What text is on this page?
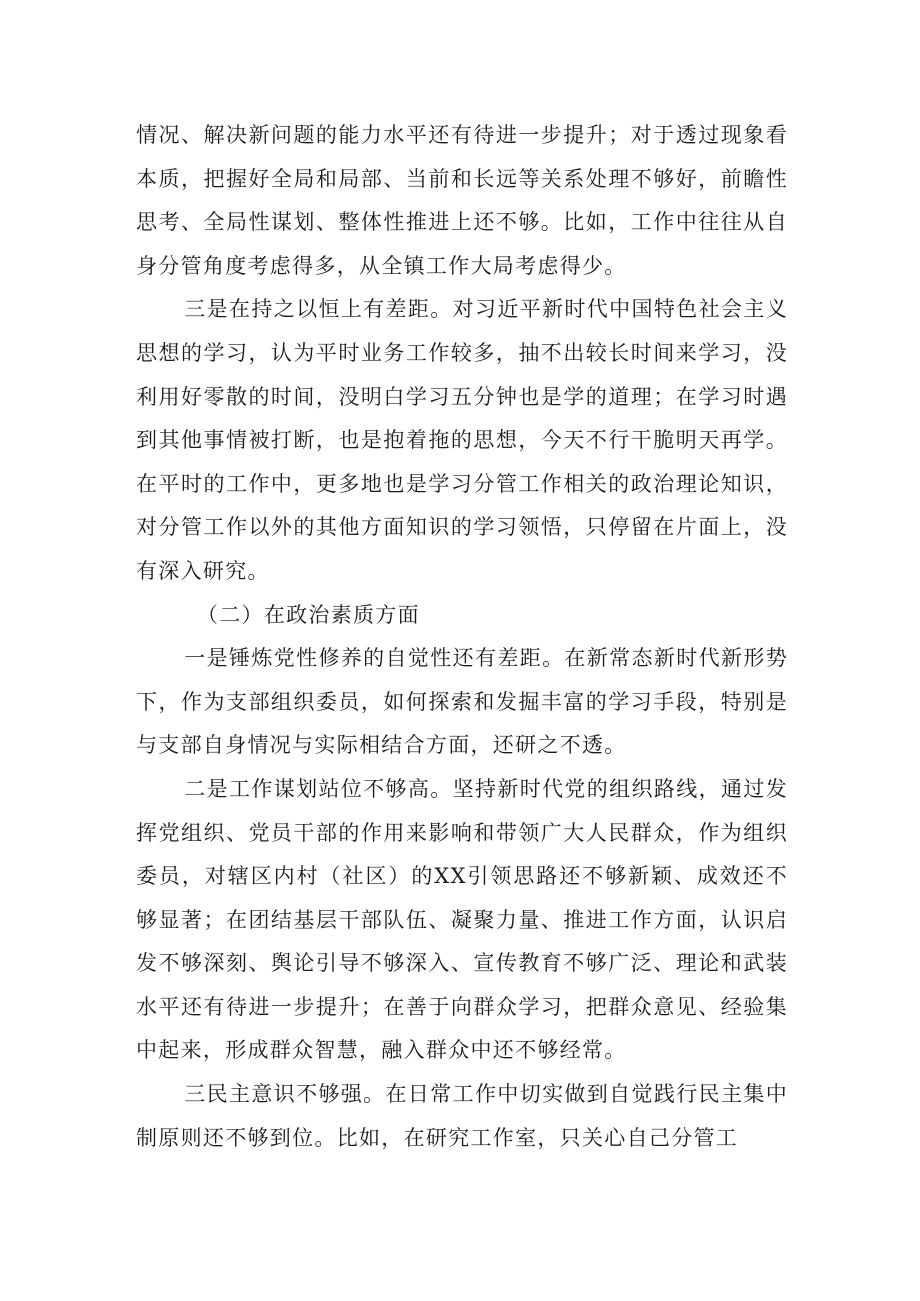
情况、解决新问题的能力水平还有待进一步提升；对于透过现象看本质，把握好全局和局部、当前和长远等关系处理不够好，前瞻性思考、全局性谋划、整体性推进上还不够。比如，工作中往往从自身分管角度考虑得多，从全镇工作大局考虑得少。

三是在持之以恒上有差距。对习近平新时代中国特色社会主义思想的学习，认为平时业务工作较多，抽不出较长时间来学习，没利用好零散的时间，没明白学习五分钟也是学的道理；在学习时遇到其他事情被打断，也是抱着拖的思想，今天不行干脆明天再学。在平时的工作中，更多地也是学习分管工作相关的政治理论知识，对分管工作以外的其他方面知识的学习领悟，只停留在片面上，没有深入研究。

（二）在政治素质方面

一是锤炼党性修养的自觉性还有差距。在新常态新时代新形势下，作为支部组织委员，如何探索和发掘丰富的学习手段，特别是与支部自身情况与实际相结合方面，还研之不透。

二是工作谋划站位不够高。坚持新时代党的组织路线，通过发挥党组织、党员干部的作用来影响和带领广大人民群众，作为组织委员，对辖区内村（社区）的XX引领思路还不够新颖、成效还不够显著；在团结基层干部队伍、凝聚力量、推进工作方面，认识启发不够深刻、舆论引导不够深入、宣传教育不够广泛、理论和武装水平还有待进一步提升；在善于向群众学习，把群众意见、经验集中起来，形成群众智慧，融入群众中还不够经常。

三民主意识不够强。在日常工作中切实做到自觉践行民主集中制原则还不够到位。比如，在研究工作室，只关心自己分管工
